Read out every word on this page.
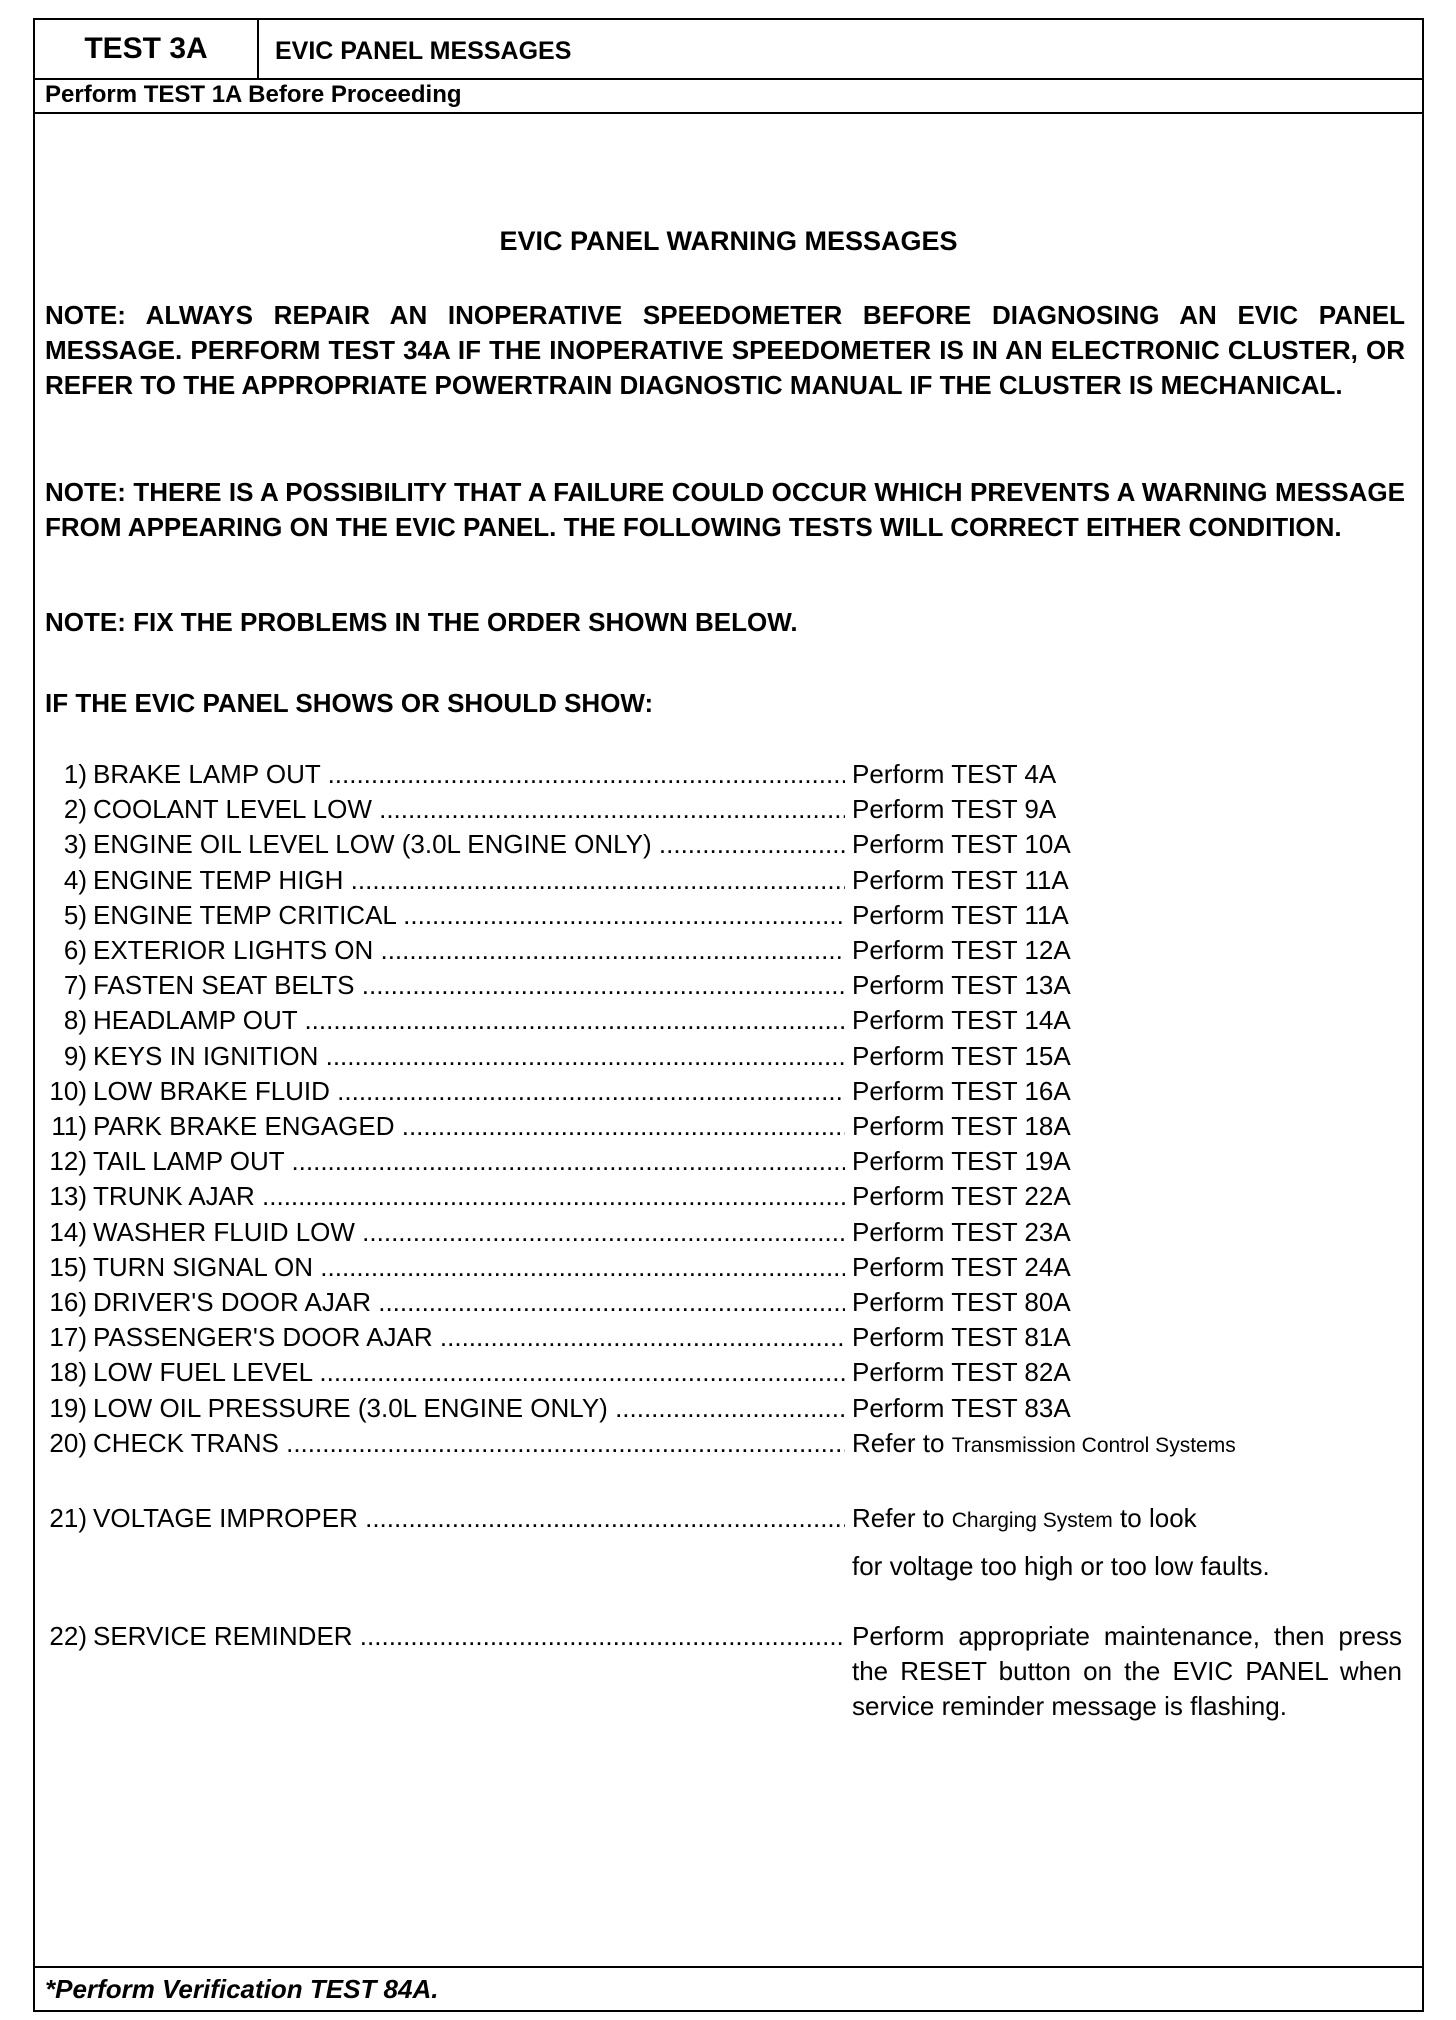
TEST 3A	EVIC PANEL MESSAGES
Perform TEST 1A Before Proceeding
EVIC PANEL WARNING MESSAGES
NOTE: ALWAYS REPAIR AN INOPERATIVE SPEEDOMETER BEFORE DIAGNOSING AN EVIC PANEL MESSAGE. PERFORM TEST 34A IF THE INOPERATIVE SPEEDOMETER IS IN AN ELECTRONIC CLUSTER, OR REFER TO THE APPROPRIATE POWERTRAIN DIAGNOSTIC MANUAL IF THE CLUSTER IS MECHANICAL.
NOTE: THERE IS A POSSIBILITY THAT A FAILURE COULD OCCUR WHICH PREVENTS A WARNING MESSAGE FROM APPEARING ON THE EVIC PANEL. THE FOLLOWING TESTS WILL CORRECT EITHER CONDITION.
NOTE: FIX THE PROBLEMS IN THE ORDER SHOWN BELOW.
IF THE EVIC PANEL SHOWS OR SHOULD SHOW:
1) BRAKE LAMP OUT .....	Perform TEST 4A
2) COOLANT LEVEL LOW .....	Perform TEST 9A
3) ENGINE OIL LEVEL LOW (3.0L ENGINE ONLY) .....	Perform TEST 10A
4) ENGINE TEMP HIGH .....	Perform TEST 11A
5) ENGINE TEMP CRITICAL .....	Perform TEST 11A
6) EXTERIOR LIGHTS ON .....	Perform TEST 12A
7) FASTEN SEAT BELTS .....	Perform TEST 13A
8) HEADLAMP OUT .....	Perform TEST 14A
9) KEYS IN IGNITION .....	Perform TEST 15A
10) LOW BRAKE FLUID .....	Perform TEST 16A
11) PARK BRAKE ENGAGED .....	Perform TEST 18A
12) TAIL LAMP OUT .....	Perform TEST 19A
13) TRUNK AJAR .....	Perform TEST 22A
14) WASHER FLUID LOW .....	Perform TEST 23A
15) TURN SIGNAL ON .....	Perform TEST 24A
16) DRIVER'S DOOR AJAR .....	Perform TEST 80A
17) PASSENGER'S DOOR AJAR .....	Perform TEST 81A
18) LOW FUEL LEVEL .....	Perform TEST 82A
19) LOW OIL PRESSURE (3.0L ENGINE ONLY) .....	Perform TEST 83A
20) CHECK TRANS .....	Refer to Transmission Control Systems
21) VOLTAGE IMPROPER .....	Refer to Charging System to look
for voltage too high or too low faults.
22) SERVICE REMINDER .....	Perform appropriate maintenance, then press the RESET button on the EVIC PANEL when service reminder message is flashing.
*Perform Verification TEST 84A.
